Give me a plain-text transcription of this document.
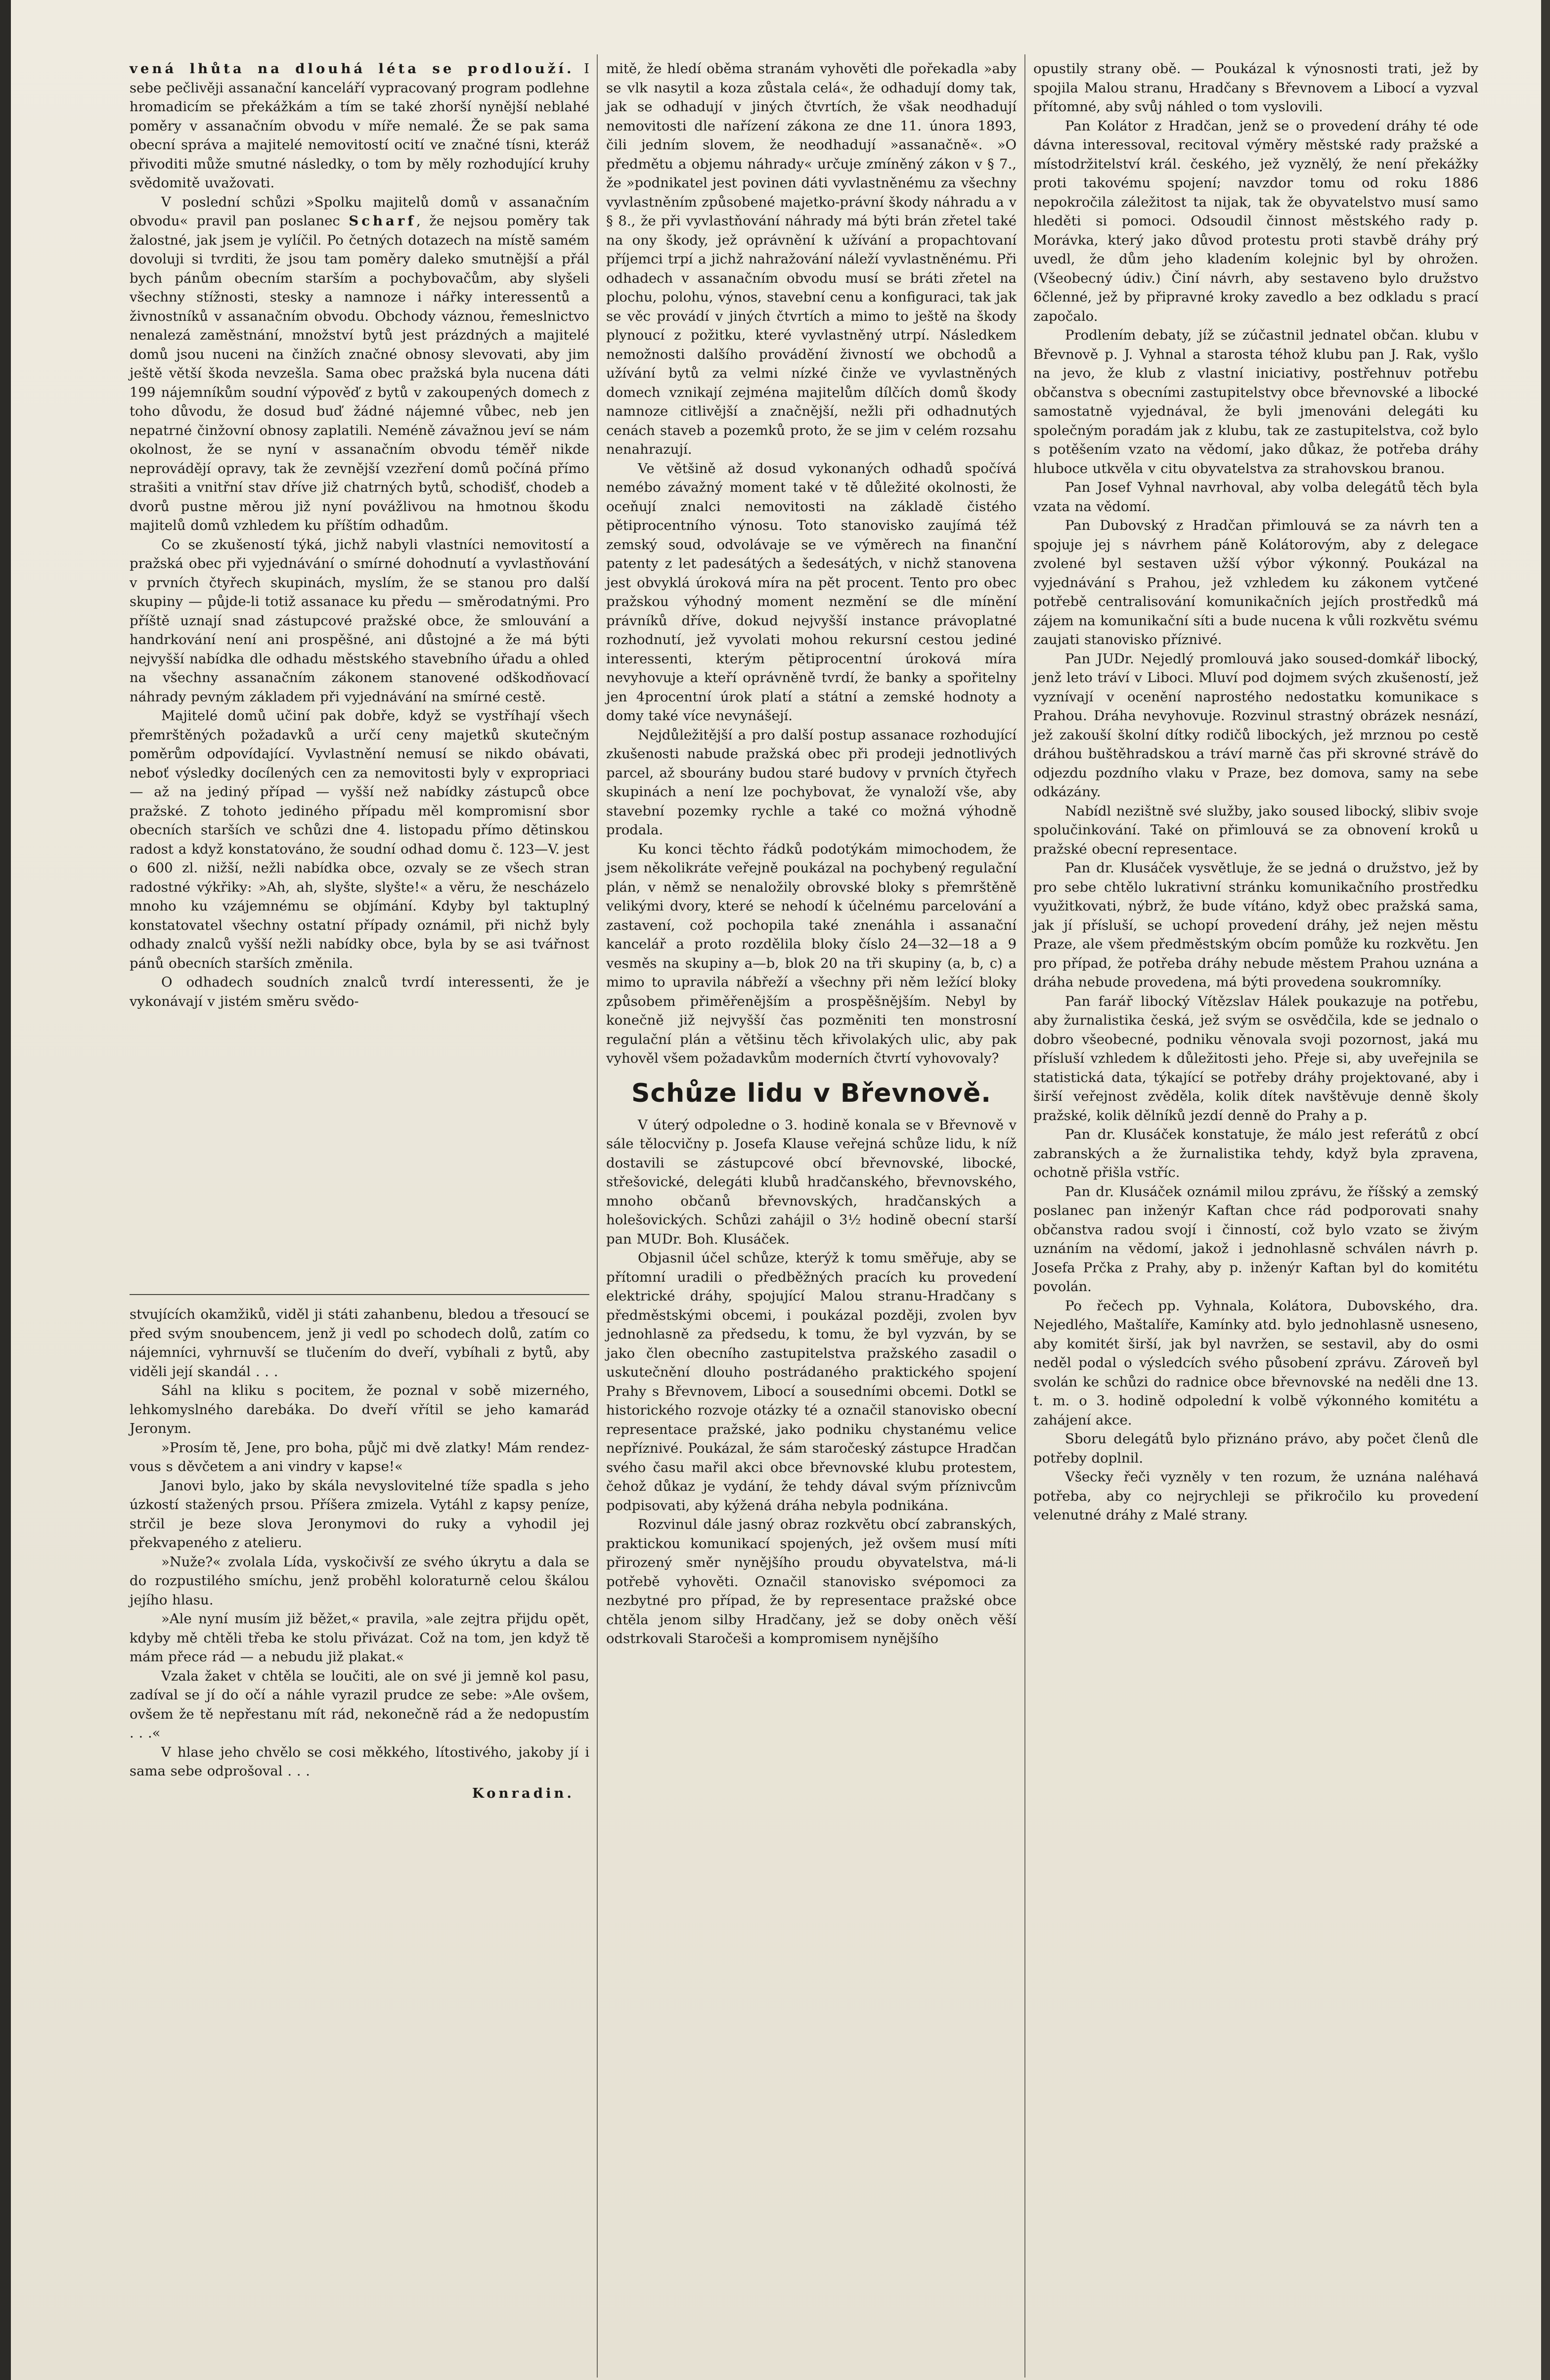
vená lhůta na dlouhá léta se prodlouží. I sebe pečlivěji assanační kanceláří vypracovaný program podlehne hromadicím se překážkám a tím se také zhorší nynější neblahé poměry v assanačním obvodu v míře nemalé. Že se pak sama obecní správa a majitelé nemovitostí ocití ve značné tísni, kteráž přivoditi může smutné následky, o tom by měly rozhodující kruhy svědomitě uvažovati.

V poslední schůzi »Spolku majitelů domů v assanačním obvodu« pravil pan poslanec Scharf, že nejsou poměry tak žalostné, jak jsem je vylíčil. Po četných dotazech na místě samém dovoluji si tvrditi, že jsou tam poměry daleko smutnější a přál bych pánům obecním starším a pochybovačům, aby slyšeli všechny stížnosti, stesky a namnoze i nářky interessentů a živnostníků v assanačním obvodu. Obchody váznou, řemeslnictvo nenalezá zaměstnání, množství bytů jest prázdných a majitelé domů jsou nuceni na činžích značné obnosy slevovati, aby jim ještě větší škoda nevzešla. Sama obec pražská byla nucena dáti 199 nájemníkům soudní výpověď z bytů v zakoupených domech z toho důvodu, že dosud buď žádné nájemné vůbec, neb jen nepatrné činžovní obnosy zaplatili. Neméně závažnou jeví se nám okolnost, že se nyní v assanačním obvodu téměř nikde neprovádějí opravy, tak že zevnější vzezření domů počíná přímo strašiti a vnitřní stav dříve již chatrných bytů, schodišť, chodeb a dvorů pustne měrou již nyní povážlivou na hmotnou škodu majitelů domů vzhledem ku příštím odhadům.

Co se zkušeností týká, jichž nabyli vlastníci nemovitostí a pražská obec při vyjednávání o smírné dohodnutí a vyvlastňování v prvních čtyřech skupinách, myslím, že se stanou pro další skupiny — půjde-li totiž assanace ku předu — směrodatnými. Pro příště uznají snad zástupcové pražské obce, že smlouvání a handrkování není ani prospěšné, ani důstojné a že má býti nejvyšší nabídka dle odhadu městského stavebního úřadu a ohled na všechny assanačním zákonem stanovené odškodňovací náhrady pevným základem při vyjednávání na smírné cestě.

Majitelé domů učiní pak dobře, když se vystříhají všech přemrštěných požadavků a určí ceny majetků skutečným poměrům odpovídající. Vyvlastnění nemusí se nikdo obávati, neboť výsledky docílených cen za nemovitosti byly v expropriaci — až na jediný případ — vyšší než nabídky zástupců obce pražské. Z tohoto jediného případu měl kompromisní sbor obecních starších ve schůzi dne 4. listopadu přímo dětinskou radost a když konstatováno, že soudní odhad domu č. 123—V. jest o 600 zl. nižší, nežli nabídka obce, ozvaly se ze všech stran radostné výkřiky: »Ah, ah, slyšte, slyšte!« a věru, že nescházelo mnoho ku vzájemnému se objímání. Kdyby byl taktuplný konstatovatel všechny ostatní případy oznámil, při nichž byly odhady znalců vyšší nežli nabídky obce, byla by se asi tvářnost pánů obecních starších změnila.

O odhadech soudních znalců tvrdí interessenti, že je vykonávají v jistém směru svědo-

stvujících okamžiků, viděl ji státi zahanbenu, bledou a třesoucí se před svým snoubencem, jenž ji vedl po schodech dolů, zatím co nájemníci, vyhrnuvší se tlučením do dveří, vybíhali z bytů, aby viděli její skandál . . .

Sáhl na kliku s pocitem, že poznal v sobě mizerného, lehkomyslného darebáka. Do dveří vřítil se jeho kamarád Jeronym.

»Prosím tě, Jene, pro boha, půjč mi dvě zlatky! Mám rendez-vous s děvčetem a ani vindry v kapse!«

Janovi bylo, jako by skála nevyslovitelné tíže spadla s jeho úzkostí stažených prsou. Příšera zmizela. Vytáhl z kapsy peníze, strčil je beze slova Jeronymovi do ruky a vyhodil jej překvapeného z atelieru.

»Nuže?« zvolala Lída, vyskočivší ze svého úkrytu a dala se do rozpustilého smíchu, jenž proběhl koloraturně celou škálou jejího hlasu.

»Ale nyní musím již běžet,« pravila, »ale zejtra přijdu opět, kdyby mě chtěli třeba ke stolu přivázat. Což na tom, jen když tě mám přece rád — a nebudu již plakat.«

Vzala žaket v chtěla se loučiti, ale on své ji jemně kol pasu, zadíval se jí do očí a náhle vyrazil prudce ze sebe: »Ale ovšem, ovšem že tě nepřestanu mít rád, nekonečně rád a že nedopustím . . .«

V hlase jeho chvělo se cosi měkkého, lítostivého, jakoby jí i sama sebe odprošoval . . .

Konradin.

mitě, že hledí oběma stranám vyhověti dle pořekadla »aby se vlk nasytil a koza zůstala celá«, že odhadují domy tak, jak se odhadují v jiných čtvrtích, že však neodhadují nemovitosti dle nařízení zákona ze dne 11. února 1893, čili jedním slovem, že neodhadují »assanačně«. »O předmětu a objemu náhrady« určuje zmíněný zákon v § 7., že »podnikatel jest povinen dáti vyvlastněnému za všechny vyvlastněním způsobené majetko-právní škody náhradu a v § 8., že při vyvlastňování náhrady má býti brán zřetel také na ony škody, jež oprávnění k užívání a propachtovaní příjemci trpí a jichž nahražování náleží vyvlastněnému. Při odhadech v assanačním obvodu musí se bráti zřetel na plochu, polohu, výnos, stavební cenu a konfiguraci, tak jak se věc provádí v jiných čtvrtích a mimo to ještě na škody plynoucí z požitku, které vyvlastněný utrpí. Následkem nemožnosti dalšího provádění živností we obchodů a užívání bytů za velmi nízké činže ve vyvlastněných domech vznikají zejména majitelům dílčích domů škody namnoze citlivější a značnější, nežli při odhadnutých cenách staveb a pozemků proto, že se jim v celém rozsahu nenahrazují.

Ve většině až dosud vykonaných odhadů spočívá nemébo závažný moment také v tě důležité okolnosti, že oceňují znalci nemovitosti na základě čistého pětiprocentního výnosu. Toto stanovisko zaujímá též zemský soud, odvolávaje se ve výměrech na finanční patenty z let padesátých a šedesátých, v nichž stanovena jest obvyklá úroková míra na pět procent. Tento pro obec pražskou výhodný moment nezmění se dle mínění právníků dříve, dokud nejvyšší instance právoplatné rozhodnutí, jež vyvolati mohou rekursní cestou jediné interessenti, kterým pětiprocentní úroková míra nevyhovuje a kteří oprávněně tvrdí, že banky a spořitelny jen 4procentní úrok platí a státní a zemské hodnoty a domy také více nevynášejí.

Nejdůležitější a pro další postup assanace rozhodující zkušenosti nabude pražská obec při prodeji jednotlivých parcel, až sbourány budou staré budovy v prvních čtyřech skupinách a není lze pochybovat, že vynaloží vše, aby stavební pozemky rychle a také co možná výhodně prodala.

Ku konci těchto řádků podotýkám mimochodem, že jsem několikráte veřejně poukázal na pochybený regulační plán, v němž se nenaložily obrovské bloky s přemrštěně velikými dvory, které se nehodí k účelnému parcelování a zastavení, což pochopila také znenáhla i assanační kancelář a proto rozdělila bloky číslo 24—32—18 a 9 vesměs na skupiny a—b, blok 20 na tři skupiny (a, b, c) a mimo to upravila nábřeží a všechny při něm ležící bloky způsobem přiměřenějším a prospěšnějším. Nebyl by konečně již nejvyšší čas pozměniti ten monstrosní regulační plán a většinu těch křivolakých ulic, aby pak vyhověl všem požadavkům moderních čtvrtí vyhovovaly?

Schůze lidu v Břevnově.

V úterý odpoledne o 3. hodině konala se v Břevnově v sále tělocvičny p. Josefa Klause veřejná schůze lidu, k níž dostavili se zástupcové obcí břevnovské, libocké, střešovické, delegáti klubů hradčanského, břevnovského, mnoho občanů břevnovských, hradčanských a holešovických. Schůzi zahájil o 3½ hodině obecní starší pan MUDr. Boh. Klusáček.

Objasnil účel schůze, kterýž k tomu směřuje, aby se přítomní uradili o předběžných pracích ku provedení elektrické dráhy, spojující Malou stranu-Hradčany s předměstskými obcemi, i poukázal později, zvolen byv jednohlasně za předsedu, k tomu, že byl vyzván, by se jako člen obecního zastupitelstva pražského zasadil o uskutečnění dlouho postrádaného praktického spojení Prahy s Břevnovem, Libocí a sousedními obcemi. Dotkl se historického rozvoje otázky té a označil stanovisko obecní representace pražské, jako podniku chystanému velice nepříznivé. Poukázal, že sám staročeský zástupce Hradčan svého času mařil akci obce břevnovské klubu protestem, čehož důkaz je vydání, že tehdy dával svým příznivcům podpisovati, aby kýžená dráha nebyla podnikána.

Rozvinul dále jasný obraz rozkvětu obcí zabranských, praktickou komunikací spojených, jež ovšem musí míti přirozený směr nynějšího proudu obyvatelstva, má-li potřebě vyhověti. Označil stanovisko svépomoci za nezbytné pro případ, že by representace pražské obce chtěla jenom silby Hradčany, jež se doby oněch věší odstrkovali Staročeši a kompromisem nynějšího

opustily strany obě. — Poukázal k výnosnosti trati, jež by spojila Malou stranu, Hradčany s Břevnovem a Libocí a vyzval přítomné, aby svůj náhled o tom vyslovili.

Pan Kolátor z Hradčan, jenž se o provedení dráhy té ode dávna interessoval, recitoval výměry městské rady pražské a místodržitelství král. českého, jež vyznělý, že není překážky proti takovému spojení; navzdor tomu od roku 1886 nepokročila záležitost ta nijak, tak že obyvatelstvo musí samo hleděti si pomoci. Odsoudil činnost městského rady p. Morávka, který jako důvod protestu proti stavbě dráhy prý uvedl, že dům jeho kladením kolejnic byl by ohrožen. (Všeobecný údiv.) Činí návrh, aby sestaveno bylo družstvo 6členné, jež by připravné kroky zavedlo a bez odkladu s prací započalo.

Prodlením debaty, jíž se zúčastnil jednatel občan. klubu v Břevnově p. J. Vyhnal a starosta téhož klubu pan J. Rak, vyšlo na jevo, že klub z vlastní iniciativy, postřehnuv potřebu občanstva s obecními zastupitelstvy obce břevnovské a libocké samostatně vyjednával, že byli jmenováni delegáti ku společným poradám jak z klubu, tak ze zastupitelstva, což bylo s potěšením vzato na vědomí, jako důkaz, že potřeba dráhy hluboce utkvěla v citu obyvatelstva za strahovskou branou.

Pan Josef Vyhnal navrhoval, aby volba delegátů těch byla vzata na vědomí.

Pan Dubovský z Hradčan přimlouvá se za návrh ten a spojuje jej s návrhem páně Kolátorovým, aby z delegace zvolené byl sestaven užší výbor výkonný. Poukázal na vyjednávání s Prahou, jež vzhledem ku zákonem vytčené potřebě centralisování komunikačních jejích prostředků má zájem na komunikační síti a bude nucena k vůli rozkvětu svému zaujati stanovisko příznivé.

Pan JUDr. Nejedlý promlouvá jako soused-domkář libocký, jenž leto tráví v Liboci. Mluví pod dojmem svých zkušeností, jež vyznívají v ocenění naprostého nedostatku komunikace s Prahou. Dráha nevyhovuje. Rozvinul strastný obrázek nesnází, jež zakouší školní dítky rodičů libockých, jež mrznou po cestě dráhou buštěhradskou a tráví marně čas při skrovné strávě do odjezdu pozdního vlaku v Praze, bez domova, samy na sebe odkázány.

Nabídl nezištně své služby, jako soused libocký, slibiv svoje spolučinkování. Také on přimlouvá se za obnovení kroků u pražské obecní representace.

Pan dr. Klusáček vysvětluje, že se jedná o družstvo, jež by pro sebe chtělo lukrativní stránku komunikačního prostředku využitkovati, nýbrž, že bude vítáno, když obec pražská sama, jak jí přísluší, se uchopí provedení dráhy, jež nejen městu Praze, ale všem předměstským obcím pomůže ku rozkvětu. Jen pro případ, že potřeba dráhy nebude městem Prahou uznána a dráha nebude provedena, má býti provedena soukromníky.

Pan farář libocký Vítězslav Hálek poukazuje na potřebu, aby žurnalistika česká, jež svým se osvědčila, kde se jednalo o dobro všeobecné, podniku věnovala svoji pozornost, jaká mu přísluší vzhledem k důležitosti jeho. Přeje si, aby uveřejnila se statistická data, týkající se potřeby dráhy projektované, aby i širší veřejnost zvěděla, kolik dítek navštěvuje denně školy pražské, kolik dělníků jezdí denně do Prahy a p.

Pan dr. Klusáček konstatuje, že málo jest referátů z obcí zabranských a že žurnalistika tehdy, když byla zpravena, ochotně přišla vstříc.

Pan dr. Klusáček oznámil milou zprávu, že říšský a zemský poslanec pan inženýr Kaftan chce rád podporovati snahy občanstva radou svojí i činností, což bylo vzato se živým uznáním na vědomí, jakož i jednohlasně schválen návrh p. Josefa Prčka z Prahy, aby p. inženýr Kaftan byl do komitétu povolán.

Po řečech pp. Vyhnala, Kolátora, Dubovského, dra. Nejedlého, Maštalíře, Kamínky atd. bylo jednohlasně usneseno, aby komitét širší, jak byl navržen, se sestavil, aby do osmi neděl podal o výsledcích svého působení zprávu. Zároveň byl svolán ke schůzi do radnice obce břevnovské na neděli dne 13. t. m. o 3. hodině odpolední k volbě výkonného komitétu a zahájení akce.

Sboru delegátů bylo přiznáno právo, aby počet členů dle potřeby doplnil.

Všecky řeči vyzněly v ten rozum, že uznána naléhavá potřeba, aby co nejrychleji se přikročilo ku provedení velenutné dráhy z Malé strany.
